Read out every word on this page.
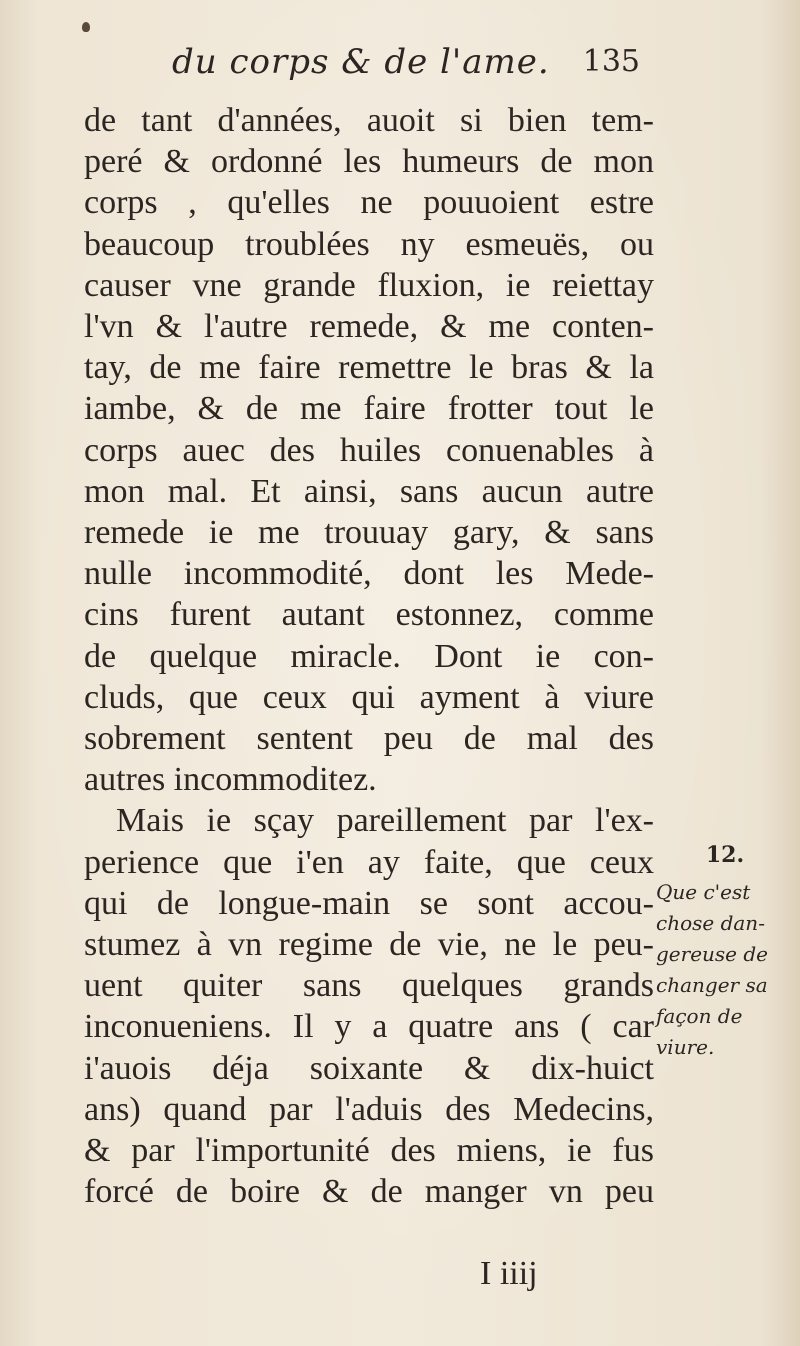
du corps & de l'ame. 135
de tant d'années, auoit si bien tem-
peré & ordonné les humeurs de mon
corps , qu'elles ne pouuoient estre
beaucoup troublées ny esmeuës, ou
causer vne grande fluxion, ie reiettay
l'vn & l'autre remede, & me conten-
tay, de me faire remettre le bras & la
iambe, & de me faire frotter tout le
corps auec des huiles conuenables à
mon mal. Et ainsi, sans aucun autre
remede ie me trouuay gary, & sans
nulle incommodité, dont les Mede-
cins furent autant estonnez, comme
de quelque miracle. Dont ie con-
cluds, que ceux qui ayment à viure
sobrement sentent peu de mal des
autres incommoditez.
Mais ie sçay pareillement par l'ex-
perience que i'en ay faite, que ceux
qui de longue-main se sont accou-
stumez à vn regime de vie, ne le peu-
uent quiter sans quelques grands
inconueniens. Il y a quatre ans ( car
i'auois déja soixante & dix-huict
ans) quand par l'aduis des Medecins,
& par l'importunité des miens, ie fus
forcé de boire & de manger vn peu
12.
Que c'est
chose dan-
gereuse de
changer sa
façon de
viure.
I iiij
